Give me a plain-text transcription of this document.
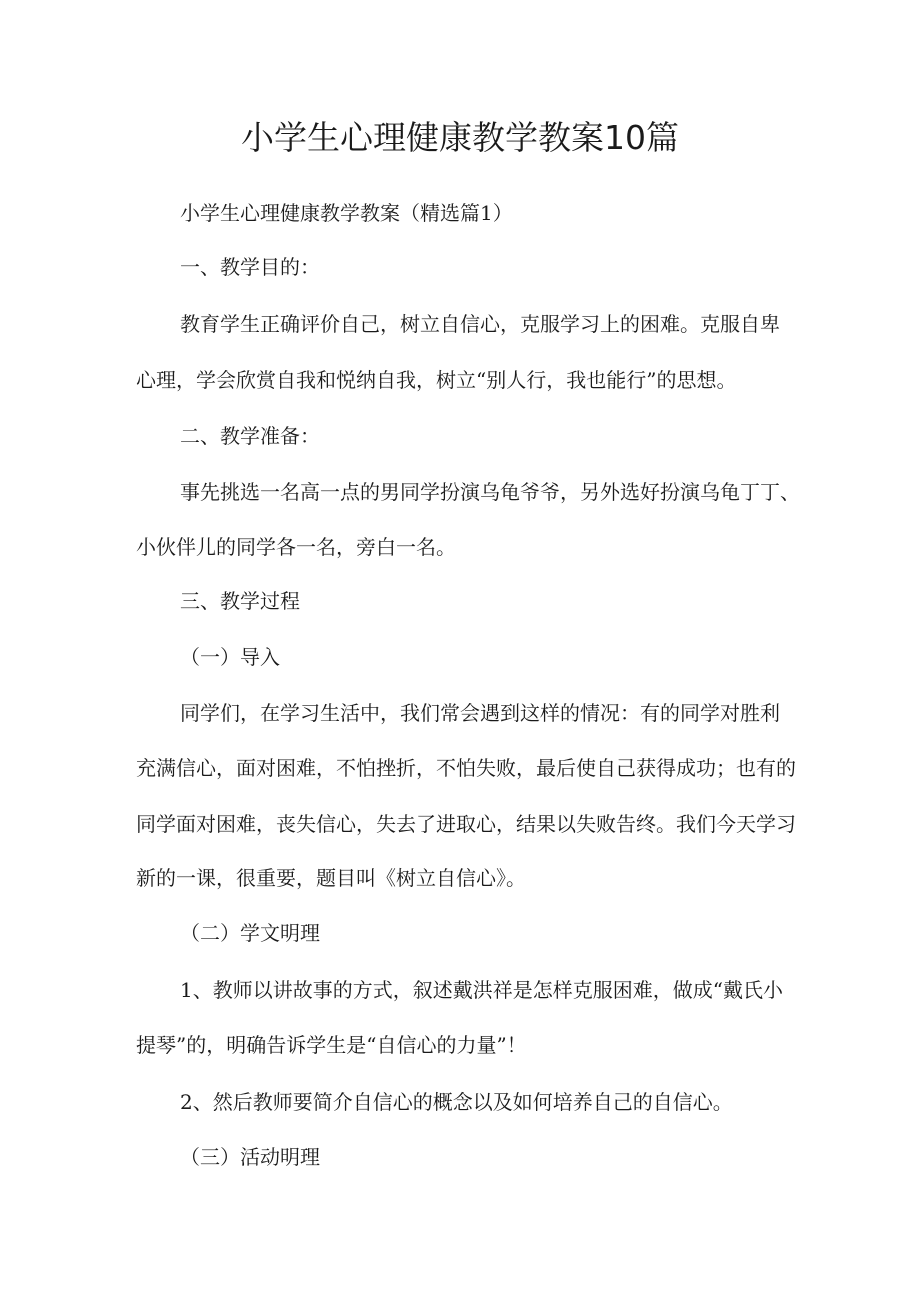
小学生心理健康教学教案10篇

小学生心理健康教学教案（精选篇1）

一、教学目的：

教育学生正确评价自己，树立自信心，克服学习上的困难。克服自卑

心理，学会欣赏自我和悦纳自我，树立“别人行，我也能行”的思想。

二、教学准备：

事先挑选一名高一点的男同学扮演乌龟爷爷，另外选好扮演乌龟丁丁、

小伙伴儿的同学各一名，旁白一名。

三、教学过程

（一）导入

同学们，在学习生活中，我们常会遇到这样的情况：有的同学对胜利

充满信心，面对困难，不怕挫折，不怕失败，最后使自己获得成功；也有的

同学面对困难，丧失信心，失去了进取心，结果以失败告终。我们今天学习

新的一课，很重要，题目叫《树立自信心》。

（二）学文明理

1、教师以讲故事的方式，叙述戴洪祥是怎样克服困难，做成“戴氏小

提琴”的，明确告诉学生是“自信心的力量”！

2、然后教师要简介自信心的概念以及如何培养自己的自信心。

（三）活动明理
